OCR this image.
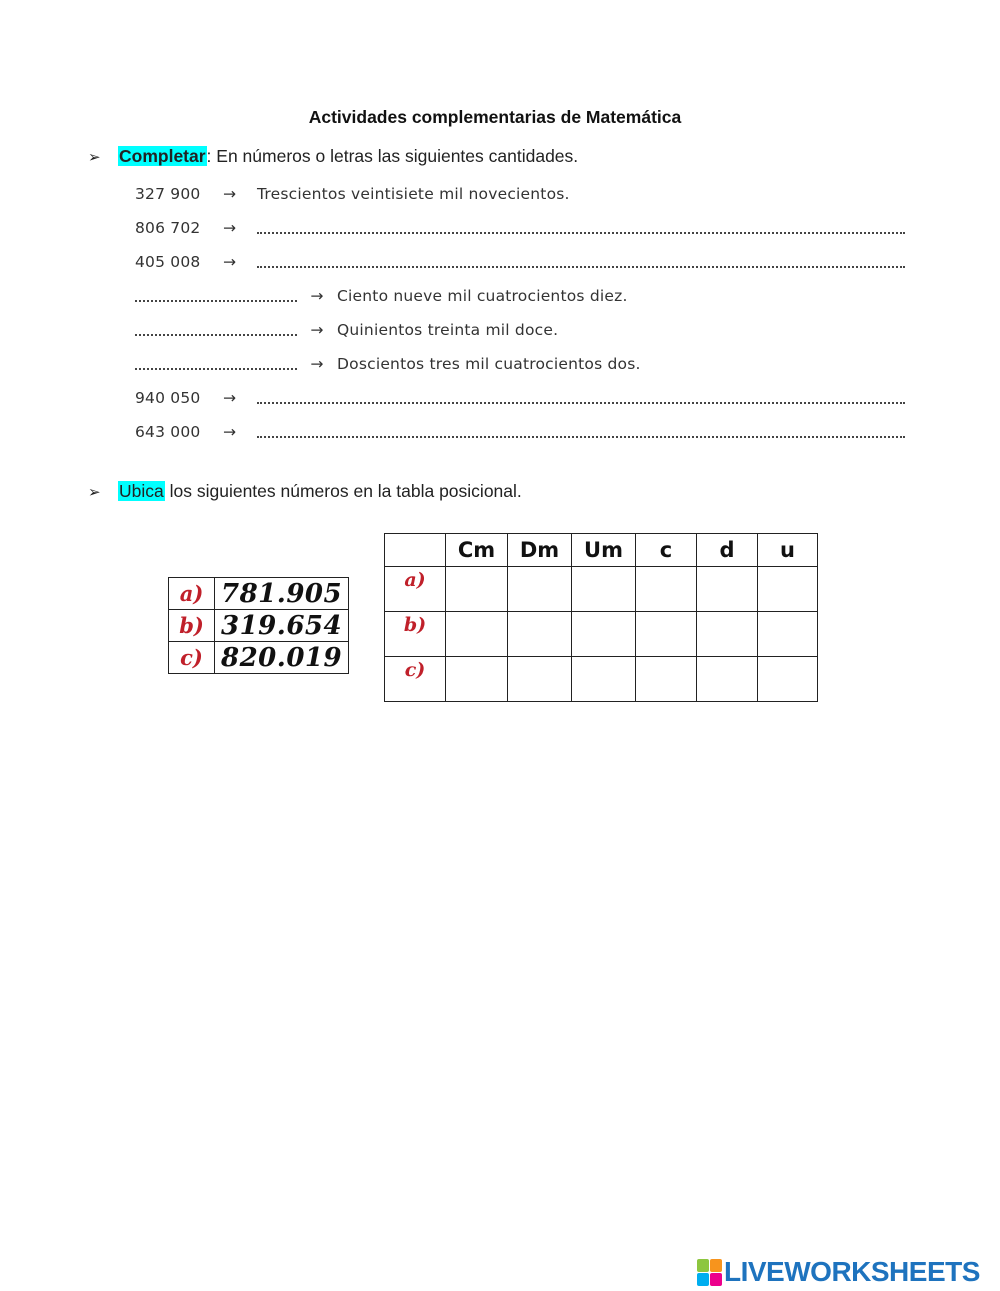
Actividades complementarias de Matemática
➢ Completar: En números o letras las siguientes cantidades.
327 900 → Trescientos veintisiete mil novecientos.
806 702 →
405 008 →
→ Ciento nueve mil cuatrocientos diez.
→ Quinientos treinta mil doce.
→ Doscientos tres mil cuatrocientos dos.
940 050 →
643 000 →
➢ Ubica los siguientes números en la tabla posicional.
a)	781.905
b)	319.654
c)	820.019
	Cm	Dm	Um	c	d	u
a)						
b)						
c)						
LIVEWORKSHEETS
